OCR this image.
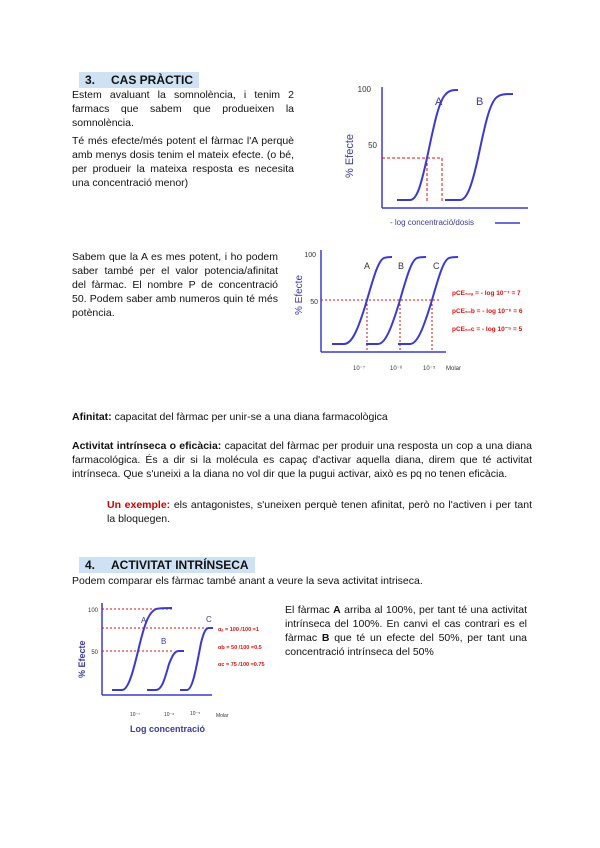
3. CAS PRÀCTIC
Estem avaluant la somnolència, i tenim 2 farmacs que sabem que produeixen la somnolència.
Té més efecte/més potent el fàrmac l'A perquè amb menys dosis tenim el mateix efecte. (o bé, per produeir la mateixa resposta es necesita una concentració menor)
Sabem que la A es mes potent, i ho podem saber també per el valor potencia/afinitat del fàrmac. El nombre P de concentració 50. Podem saber amb numeros quin té més potència.
% Efecte
100
50
A	B
- log concentració/dosis
% Efecte
100
50
A	B	C
pCE₅₀ₐ = - log 10⁻⁷ = 7
pCE₅₀b = - log 10⁻⁶ = 6
pCE₅₀c = - log 10⁻⁵ = 5
10⁻⁷	10⁻⁶	10⁻⁵ Molar
Afinitat: capacitat del fàrmac per unir-se a una diana farmacològica
Activitat intrínseca o eficàcia: capacitat del fàrmac per produir una resposta un cop a una diana farmacológica. És a dir si la molécula es capaç d'activar aquella diana, direm que té activitat intrínseca. Que s'uneixi a la diana no vol dir que la pugui activar, això es pq no tenen eficàcia.
Un exemple: els antagonistes, s'uneixen perquè tenen afinitat, però no l'activen i per tant la bloquegen.
4. ACTIVITAT INTRÍNSECA
Podem comparar els fàrmac també anant a veure la seva activitat intriseca.
El fàrmac A arriba al 100%, per tant té una activitat intrínseca del 100%. En canvi el cas contrari es el fàrmac B que té un efecte del 50%, per tant una concentració intrínseca del 50%
% Efecte
100
50
A
B
C
αₐ = 100 /100 =1
αb = 50 /100 =0.5
αc = 75 /100 =0.75
10⁻⁷	10⁻⁶	10⁻⁵	Molar
Log concentració
